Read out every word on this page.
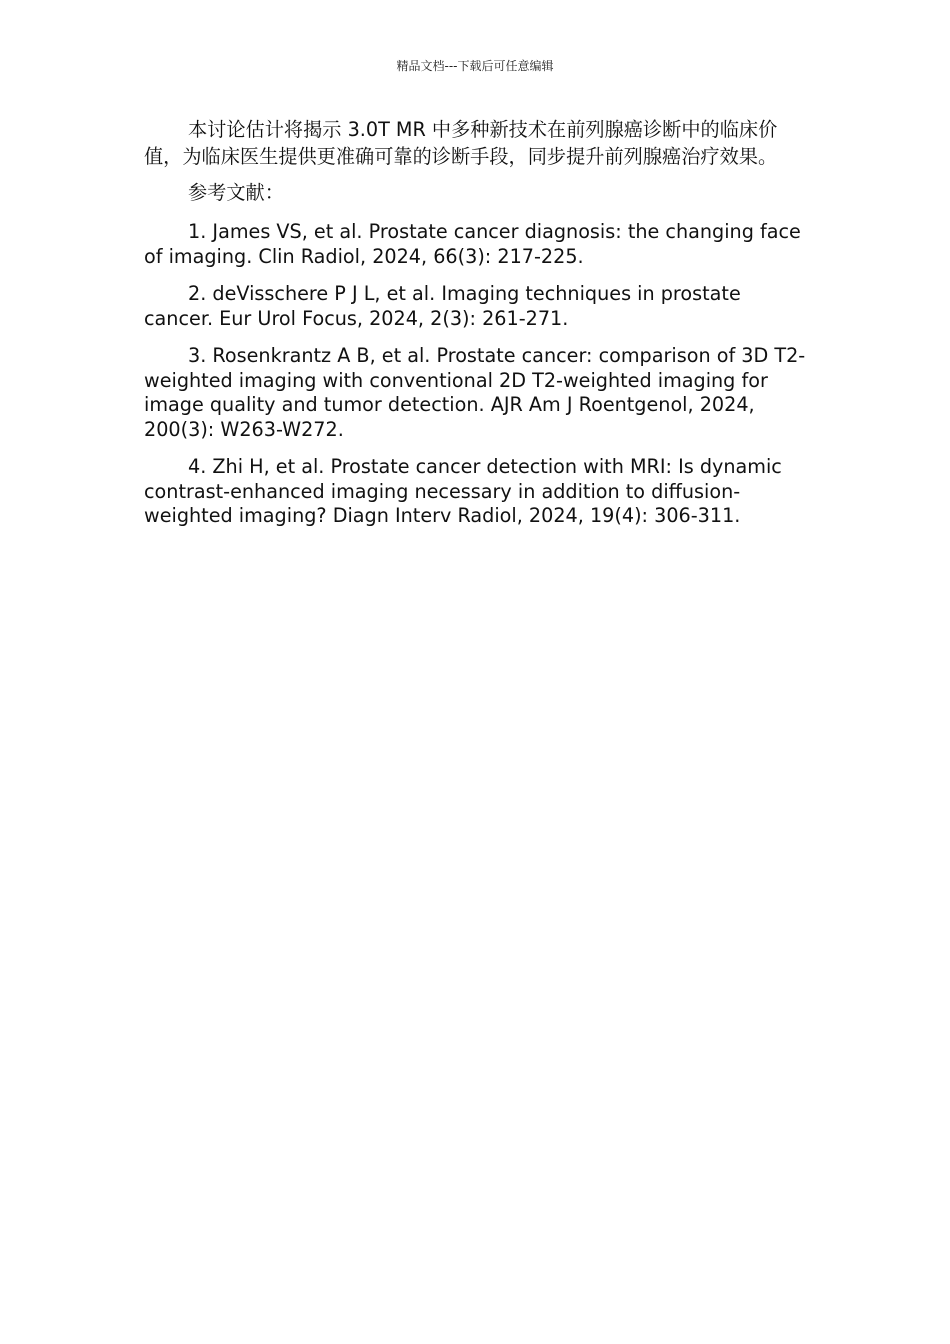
精品文档---下载后可任意编辑

本讨论估计将揭示 3.0T MR 中多种新技术在前列腺癌诊断中的临床价值，为临床医生提供更准确可靠的诊断手段，同步提升前列腺癌治疗效果。

参考文献：

1. James VS, et al. Prostate cancer diagnosis: the changing face of imaging. Clin Radiol, 2024, 66(3): 217-225.

2. deVisschere P J L, et al. Imaging techniques in prostate cancer. Eur Urol Focus, 2024, 2(3): 261-271.

3. Rosenkrantz A B, et al. Prostate cancer: comparison of 3D T2-weighted imaging with conventional 2D T2-weighted imaging for image quality and tumor detection. AJR Am J Roentgenol, 2024, 200(3): W263-W272.

4. Zhi H, et al. Prostate cancer detection with MRI: Is dynamic contrast-enhanced imaging necessary in addition to diffusion-weighted imaging? Diagn Interv Radiol, 2024, 19(4): 306-311.
